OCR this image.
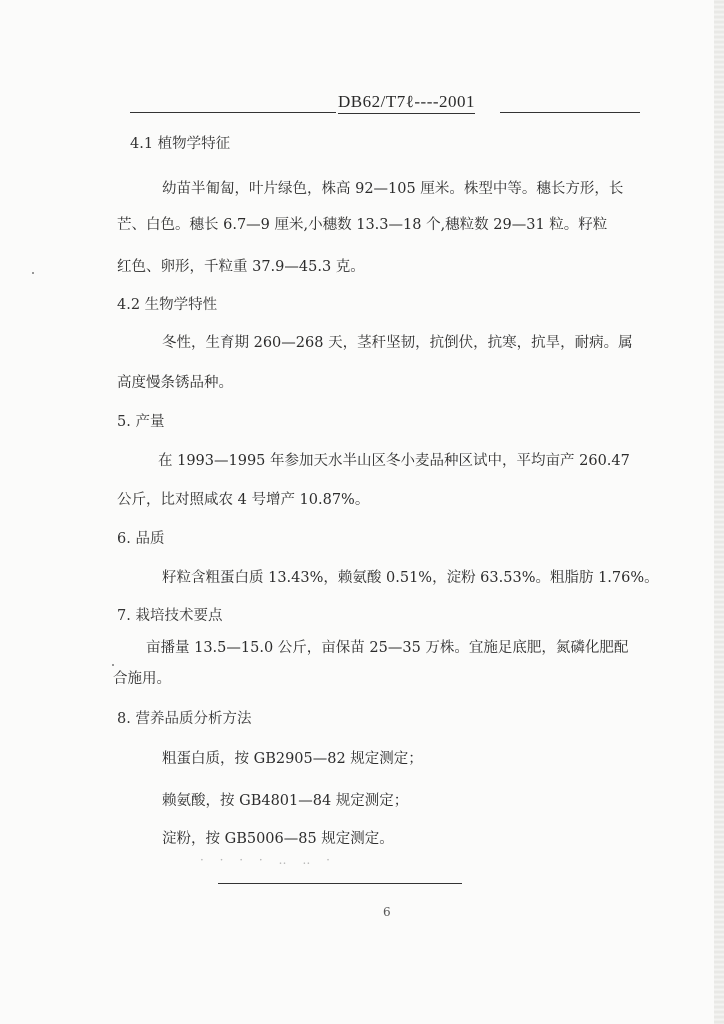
DB62/T7ℓ----2001
4.1 植物学特征
幼苗半匍匐，叶片绿色，株高 92—105 厘米。株型中等。穗长方形，长
芒、白色。穗长 6.7—9 厘米,小穗数 13.3—18 个,穗粒数 29—31 粒。籽粒
红色、卵形，千粒重 37.9—45.3 克。
4.2 生物学特性
冬性，生育期 260—268 天，茎秆坚韧，抗倒伏，抗寒，抗旱，耐病。属
高度慢条锈品种。
5. 产量
在 1993—1995 年参加天水半山区冬小麦品种区试中，平均亩产 260.47
公斤，比对照咸农 4 号增产 10.87%。
6. 品质
籽粒含粗蛋白质 13.43%，赖氨酸 0.51%，淀粉 63.53%。粗脂肪 1.76%。
7. 栽培技术要点
亩播量 13.5—15.0 公斤，亩保苗 25—35 万株。宜施足底肥，氮磷化肥配
合施用。
8. 营养品质分析方法
粗蛋白质，按 GB2905—82 规定测定；
赖氨酸，按 GB4801—84 规定测定；
淀粉，按 GB5006—85 规定测定。
· · · · ‥ ‥ ·
6
